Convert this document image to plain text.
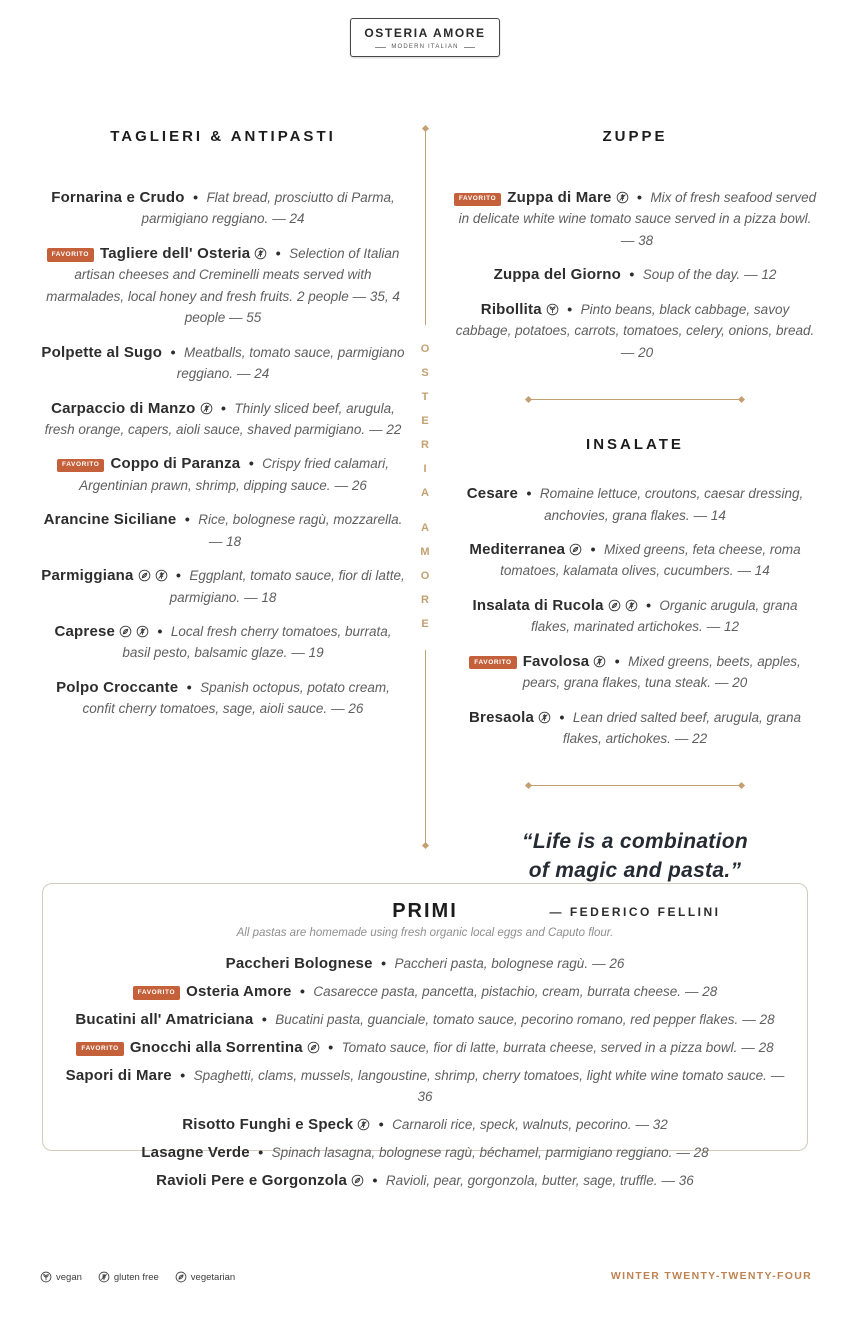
OSTERIA AMORE
MODERN ITALIAN
TAGLIERI & ANTIPASTI
Fornarina e Crudo • Flat bread, prosciutto di Parma, parmigiano reggiano. — 24
FAVORITO Tagliere dell' Osteria • Selection of Italian artisan cheeses and Creminelli meats served with marmalades, local honey and fresh fruits. 2 people — 35, 4 people — 55
Polpette al Sugo • Meatballs, tomato sauce, parmigiano reggiano. — 24
Carpaccio di Manzo • Thinly sliced beef, arugula, fresh orange, capers, aioli sauce, shaved parmigiano. — 22
FAVORITO Coppo di Paranza • Crispy fried calamari, Argentinian prawn, shrimp, dipping sauce. — 26
Arancine Siciliane • Rice, bolognese ragù, mozzarella.— 18
Parmiggiana	• Eggplant, tomato sauce, fior di latte, parmigiano. — 18
Caprese	• Local fresh cherry tomatoes, burrata, basil pesto, balsamic glaze. — 19
Polpo Croccante • Spanish octopus, potato cream, confit cherry tomatoes, sage, aioli sauce. — 26
O
S
T
E
R
I
A
A
M
O
R
E
ZUPPE
FAVORITO Zuppa di Mare • Mix of fresh seafood served in delicate white wine tomato sauce served in a pizza bowl.— 38
Zuppa del Giorno • Soup of the day. — 12
Ribollita • Pinto beans, black cabbage, savoy cabbage, potatoes, carrots, tomatoes, celery, onions, bread.— 20
INSALATE
Cesare • Romaine lettuce, croutons, caesar dressing, anchovies, grana flakes. — 14
Mediterranea • Mixed greens, feta cheese, roma tomatoes, kalamata olives, cucumbers. — 14
Insalata di Rucola	• Organic arugula, grana flakes, marinated artichokes. — 12
FAVORITO Favolosa • Mixed greens, beets, apples, pears, grana flakes, tuna steak. — 20
Bresaola • Lean dried salted beef, arugula, grana flakes, artichokes. — 22
“Life is a combination
of magic and pasta.”
— FEDERICO FELLINI
PRIMI
All pastas are homemade using fresh organic local eggs and Caputo flour.
Paccheri Bolognese • Paccheri pasta, bolognese ragù. — 26
FAVORITO Osteria Amore • Casarecce pasta, pancetta, pistachio, cream, burrata cheese. — 28
Bucatini all' Amatriciana • Bucatini pasta, guanciale, tomato sauce, pecorino romano, red pepper flakes. — 28
FAVORITO Gnocchi alla Sorrentina • Tomato sauce, fior di latte, burrata cheese, served in a pizza bowl. — 28
Sapori di Mare • Spaghetti, clams, mussels, langoustine, shrimp, cherry tomatoes, light white wine tomato sauce. — 36
Risotto Funghi e Speck • Carnaroli rice, speck, walnuts, pecorino. — 32
Lasagne Verde • Spinach lasagna, bolognese ragù, béchamel, parmigiano reggiano. — 28
Ravioli Pere e Gorgonzola • Ravioli, pear, gorgonzola, butter, sage, truffle. — 36
vegan	gluten free	vegetarian	WINTER TWENTY-TWENTY-FOUR
